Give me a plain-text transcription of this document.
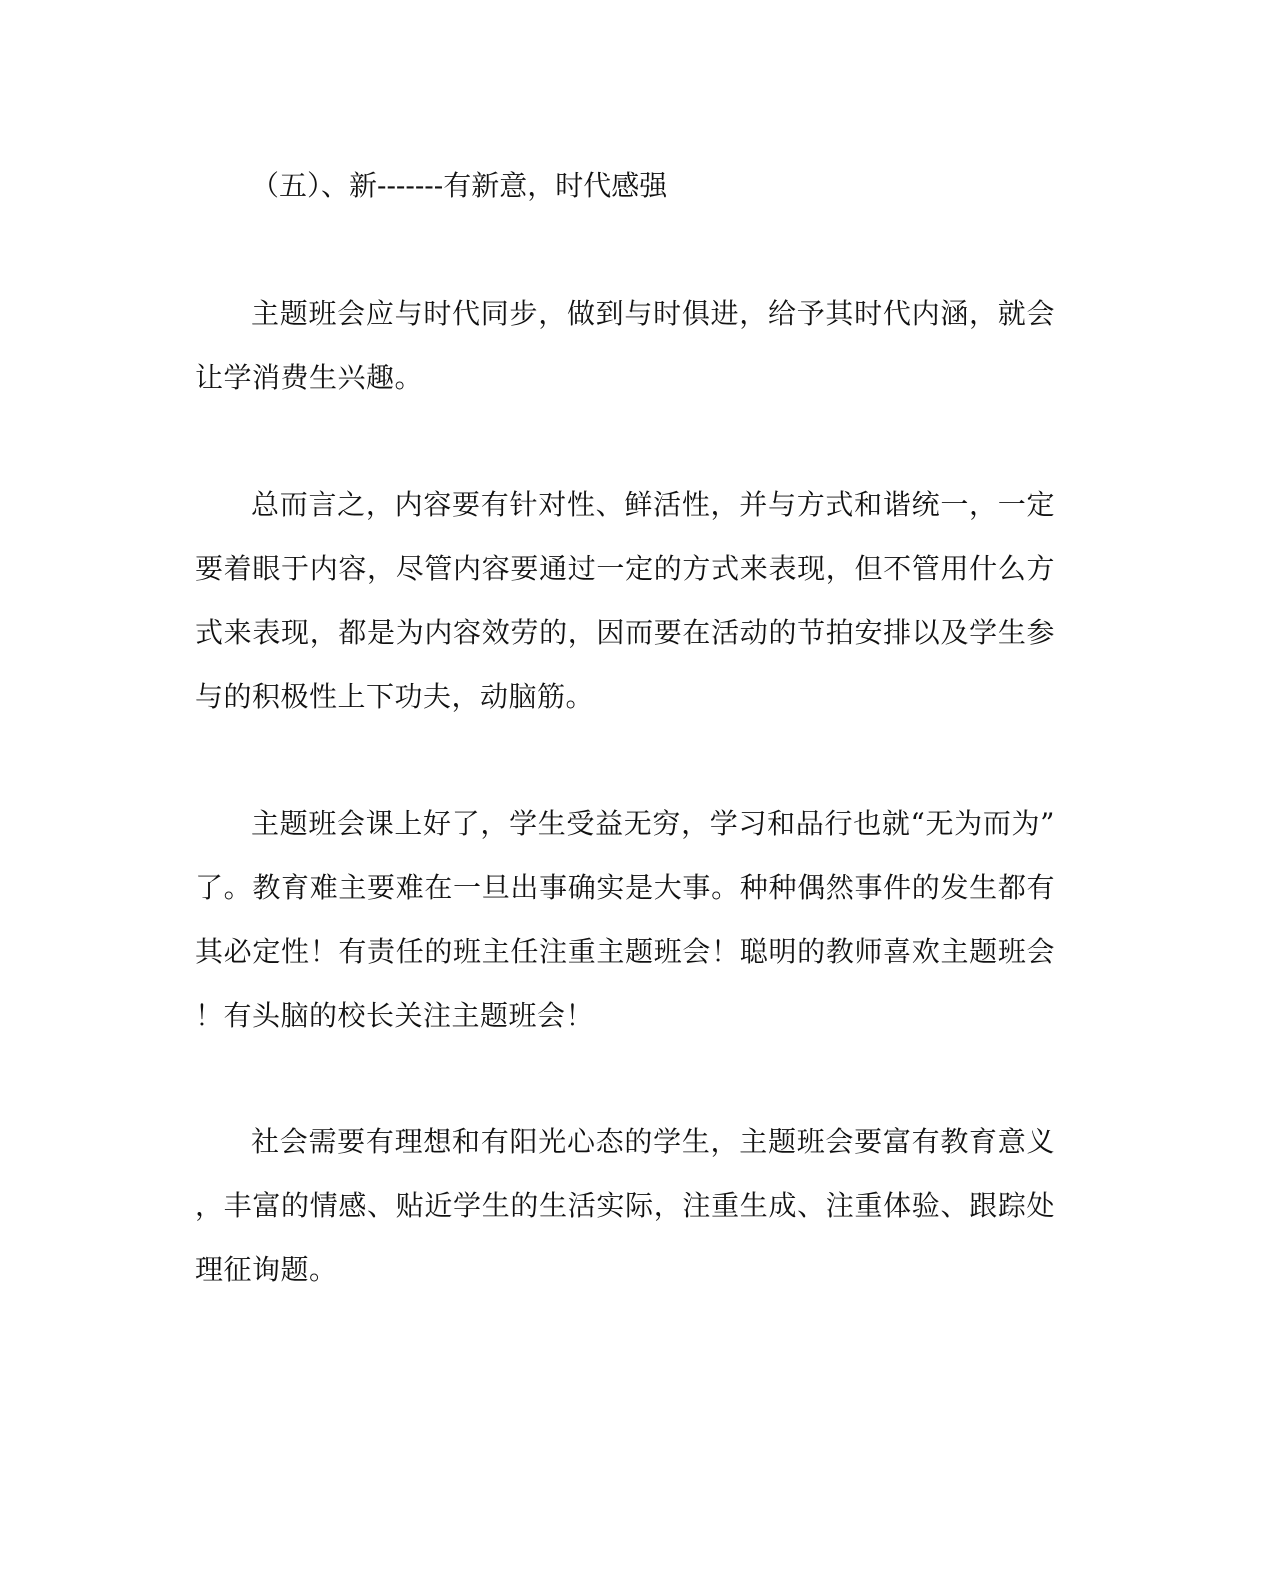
（五）、新-------有新意，时代感强
主题班会应与时代同步，做到与时俱进，给予其时代内涵，就会
让学消费生兴趣。
总而言之，内容要有针对性、鲜活性，并与方式和谐统一，一定
要着眼于内容，尽管内容要通过一定的方式来表现，但不管用什么方
式来表现，都是为内容效劳的，因而要在活动的节拍安排以及学生参
与的积极性上下功夫，动脑筋。
主题班会课上好了，学生受益无穷，学习和品行也就“无为而为”
了。教育难主要难在一旦出事确实是大事。种种偶然事件的发生都有
其必定性！有责任的班主任注重主题班会！聪明的教师喜欢主题班会
！有头脑的校长关注主题班会！
社会需要有理想和有阳光心态的学生，主题班会要富有教育意义
，丰富的情感、贴近学生的生活实际，注重生成、注重体验、跟踪处
理征询题。
